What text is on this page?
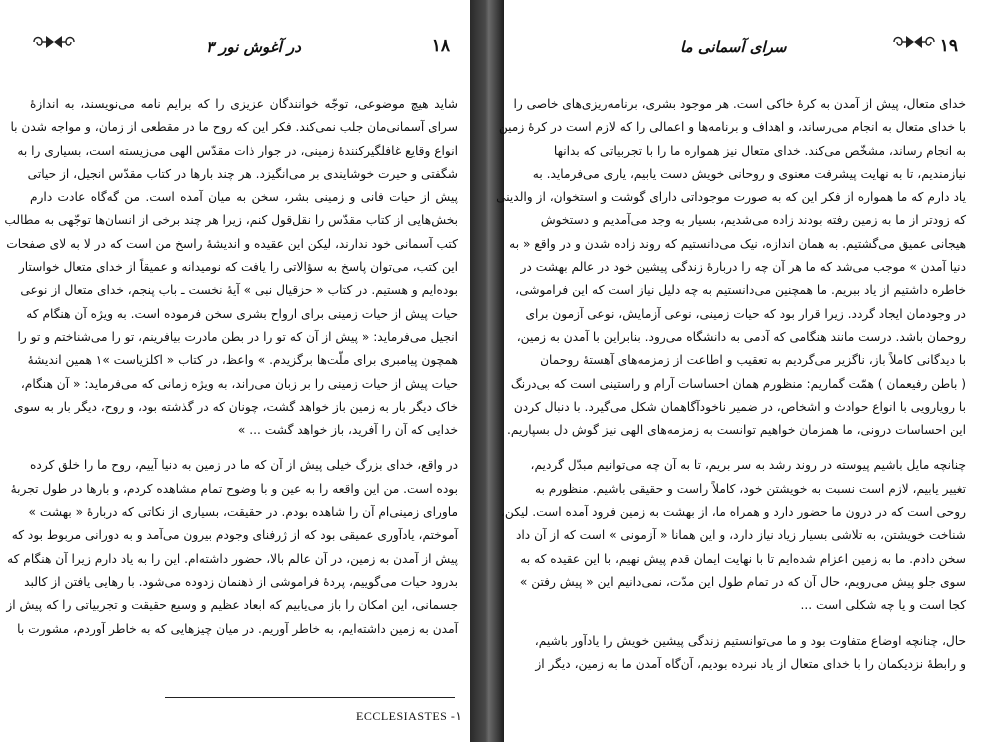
در آغوش نور ۳	۱۸
شاید هیچ موضوعی، توجّه خوانندگان عزیزی را که برایم نامه می‌نویسند، به اندازهٔ
سرای آسمانی‌مان جلب نمی‌کند. فکر این که روح ما در مقطعی از زمان، و مواجه شدن با
انواع وقایع غافلگیرکنندهٔ زمینی، در جوار ذات مقدّس الهی می‌زیسته است، بسیاری را به
شگفتی و حیرت خوشایندی بر می‌انگیزد. هر چند بارها در کتاب مقدّس انجیل، از حیاتی
پیش از حیات فانی و زمینی بشر، سخن به میان آمده است. من گه‌گاه عادت دارم
بخش‌هایی از کتاب مقدّس را نقل‌قول کنم، زیرا هر چند برخی از انسان‌ها توجّهی به مطالب
کتب آسمانی خود ندارند، لیکن این عقیده و اندیشهٔ راسخ من است که در لا به لای صفحات
این کتب، می‌توان پاسخ به سؤالاتی را یافت که نومیدانه و عمیقاً از خدای متعال خواستار
بوده‌ایم و هستیم. در کتاب « حزقیال نبی » آیهٔ نخست ـ باب پنجم، خدای متعال از نوعی
حیات پیش از حیات زمینی برای ارواح بشری سخن فرموده است. به ویژه آن هنگام که
انجیل می‌فرماید: « پیش از آن که تو را در بطن مادرت بیافرینم، تو را می‌شناختم و تو را
همچون پیامبری برای ملّت‌ها برگزیدم. » واعظ، در کتاب « اکلزیاست »۱ همین اندیشهٔ
حیات پیش از حیات زمینی را بر زبان می‌راند، به ویژه زمانی که می‌فرماید: « آن هنگام،
خاک دیگر بار به زمین باز خواهد گشت، چونان که در گذشته بود، و روح، دیگر بار به سوی
خدایی که آن را آفرید، باز خواهد گشت ... »
در واقع، خدای بزرگ خیلی پیش از آن که ما در زمین به دنیا آییم، روح ما را خلق کرده
بوده است. من این واقعه را به عین و با وضوح تمام مشاهده کردم، و بارها در طول تجربهٔ
ماورای زمینی‌ام آن را شاهده بودم. در حقیقت، بسیاری از نکاتی که دربارهٔ « بهشت »
آموختم، یادآوری عمیقی بود که از ژرفنای وجودم بیرون می‌آمد و به دورانی مربوط بود که
پیش از آمدن به زمین، در آن عالم بالا، حضور داشته‌ام. این را به یاد دارم زیرا آن هنگام که
بدرود حیات می‌گوییم، پردهٔ فراموشی از ذهنمان زدوده می‌شود. با رهایی یافتن از کالبد
جسمانی، این امکان را باز می‌یابیم که ابعاد عظیم و وسیع حقیقت و تجربیاتی را که پیش از
آمدن به زمین داشته‌ایم، به خاطر آوریم. در میان چیزهایی که به خاطر آوردم، مشورت با
ECCLESIASTES -۱
سرای آسمانی ما	۱۹
خدای متعال، پیش از آمدن به کرهٔ خاکی است. هر موجود بشری، برنامه‌ریزی‌های خاصی را
با خدای متعال به انجام می‌رساند، و اهداف و برنامه‌ها و اعمالی را که لازم است در کرهٔ زمین
به انجام رساند، مشخّص می‌کند. خدای متعال نیز همواره ما را با تجربیاتی که بدانها
نیازمندیم، تا به نهایت پیشرفت معنوی و روحانی خویش دست یابیم، یاری می‌فرماید. به
یاد دارم که ما همواره از فکر این که به صورت موجوداتی دارای گوشت و استخوان، از والدینی
که زودتر از ما به زمین رفته بودند زاده می‌شدیم، بسیار به وجد می‌آمدیم و دستخوش
هیجانی عمیق می‌گشتیم. به همان اندازه، نیک می‌دانستیم که روند زاده شدن و در واقع « به
دنیا آمدن » موجب می‌شد که ما هر آن چه را دربارهٔ زندگی پیشین خود در عالم بهشت در
خاطره داشتیم از یاد ببریم. ما همچنین می‌دانستیم به چه دلیل نیاز است که این فراموشی،
در وجودمان ایجاد گردد. زیرا قرار بود که حیات زمینی، نوعی آزمایش، نوعی آزمون برای
روحمان باشد. درست مانند هنگامی که آدمی به دانشگاه می‌رود. بنابراین با آمدن به زمین،
با دیدگانی کاملاً باز، ناگزیر می‌گردیم به تعقیب و اطاعت از زمزمه‌های آهستهٔ روحمان
( باطن رفیعمان ) همّت گماریم: منظورم همان احساسات آرام و راستینی است که بی‌درنگ
با رویارویی با انواع حوادث و اشخاص، در ضمیر ناخودآگاهمان شکل می‌گیرد. با دنبال کردن
این احساسات درونی، ما همزمان خواهیم توانست به زمزمه‌های الهی نیز گوش دل بسپاریم.
چنانچه مایل باشیم پیوسته در روند رشد به سر بریم، تا به آن چه می‌توانیم مبدّل گردیم،
تغییر یابیم، لازم است نسبت به خویشتن خود، کاملاً راست و حقیقی باشیم. منظورم به
روحی است که در درون ما حضور دارد و همراه ما، از بهشت به زمین فرود آمده است. لیکن،
شناخت خویشتن، به تلاشی بسیار زیاد نیاز دارد، و این همانا « آزمونی » است که از آن داد
سخن دادم. ما به زمین اعزام شده‌ایم تا با نهایت ایمان قدم پیش نهیم، با این عقیده که به
سوی جلو پیش می‌رویم، حال آن که در تمام طول این مدّت، نمی‌دانیم این « پیش رفتن »
کجا است و یا چه شکلی است ...
حال، چنانچه اوضاع متفاوت بود و ما می‌توانستیم زندگی پیشین خویش را یادآور باشیم،
و رابطهٔ نزدیکمان را با خدای متعال از یاد نبرده بودیم، آن‌گاه آمدن ما به زمین، دیگر از
